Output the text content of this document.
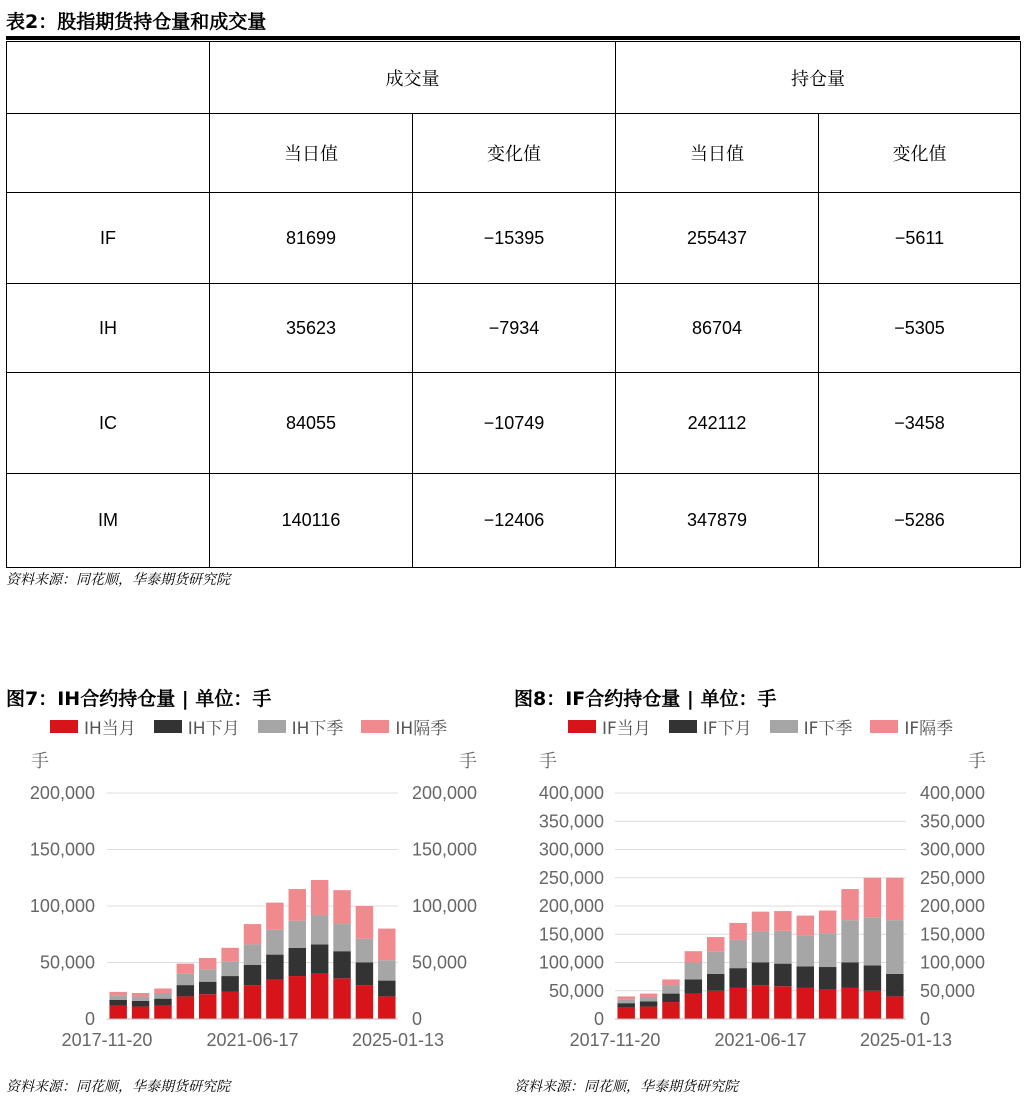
表2：股指期货持仓量和成交量
	成交量		持仓量	
	当日值	变化值	当日值	变化值
IF	81699	−15395	255437	−5611
IH	35623	−7934	86704	−5305
IC	84055	−10749	242112	−3458
IM	140116	−12406	347879	−5286
资料来源：同花顺，华泰期货研究院
图7：IH合约持仓量 | 单位：手
IH当月	IH下月	IH下季	IH隔季
手	手
0	0
50,000	50,000
100,000	100,000
150,000	150,000
200,000	200,000
2017-11-20	2021-06-17	2025-01-13
资料来源：同花顺，华泰期货研究院
图8：IF合约持仓量 | 单位：手
IF当月	IF下月	IF下季	IF隔季
手	手
0	0
50,000	50,000
100,000	100,000
150,000	150,000
200,000	200,000
250,000	250,000
300,000	300,000
350,000	350,000
400,000	400,000
2017-11-20	2021-06-17	2025-01-13
资料来源：同花顺，华泰期货研究院
